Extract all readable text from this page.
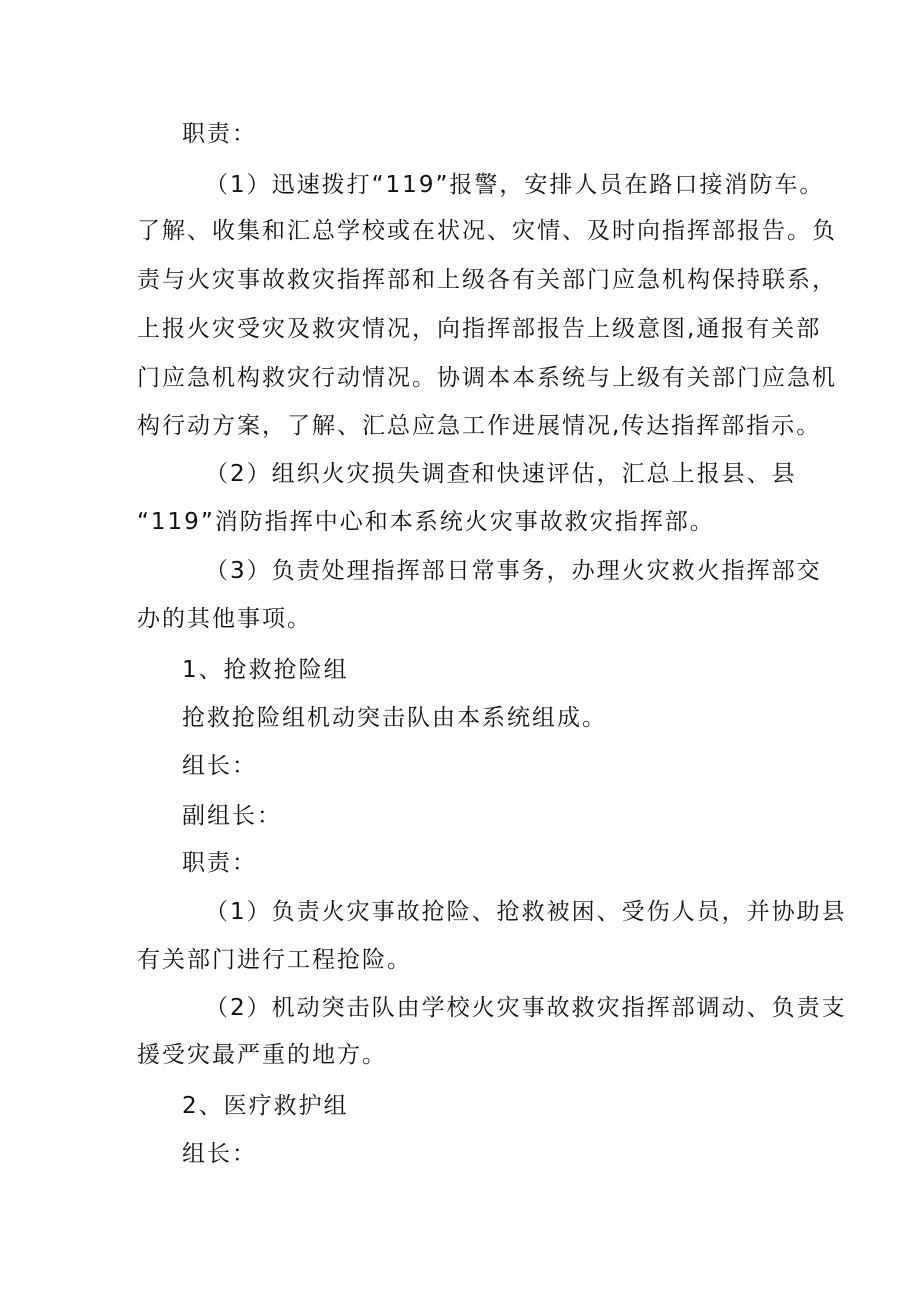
职责：
（1）迅速拨打“119”报警，安排人员在路口接消防车。
了解、收集和汇总学校或在状况、灾情、及时向指挥部报告。负
责与火灾事故救灾指挥部和上级各有关部门应急机构保持联系，
上报火灾受灾及救灾情况，向指挥部报告上级意图,通报有关部
门应急机构救灾行动情况。协调本本系统与上级有关部门应急机
构行动方案，了解、汇总应急工作进展情况,传达指挥部指示。
（2）组织火灾损失调查和快速评估，汇总上报县、县
“119”消防指挥中心和本系统火灾事故救灾指挥部。
（3）负责处理指挥部日常事务，办理火灾救火指挥部交
办的其他事项。
1、抢救抢险组
抢救抢险组机动突击队由本系统组成。
组长：
副组长：
职责：
（1）负责火灾事故抢险、抢救被困、受伤人员，并协助县
有关部门进行工程抢险。
（2）机动突击队由学校火灾事故救灾指挥部调动、负责支
援受灾最严重的地方。
2、医疗救护组
组长：
